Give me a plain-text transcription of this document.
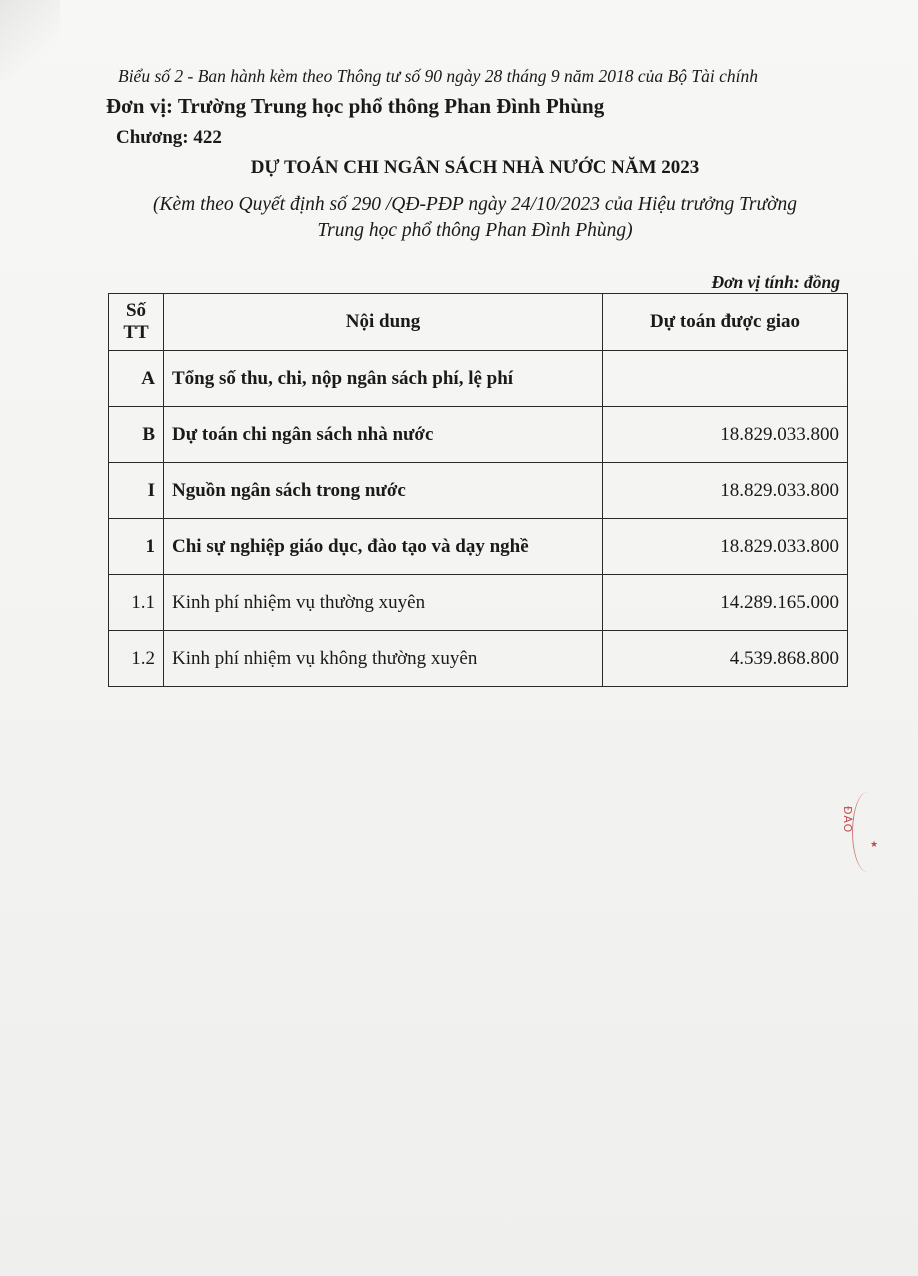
Biểu số 2 - Ban hành kèm theo Thông tư số 90 ngày 28 tháng 9 năm 2018 của Bộ Tài chính
Đơn vị: Trường Trung học phổ thông Phan Đình Phùng
Chương: 422
DỰ TOÁN CHI NGÂN SÁCH NHÀ NƯỚC NĂM 2023
(Kèm theo Quyết định số 290 /QĐ-PĐP ngày 24/10/2023 của Hiệu trưởng Trường
Trung học phổ thông Phan Đình Phùng)
Đơn vị tính: đồng
Số
TT	Nội dung	Dự toán được giao
A	Tổng số thu, chi, nộp ngân sách phí, lệ phí	
B	Dự toán chi ngân sách nhà nước	18.829.033.800
I	Nguồn ngân sách trong nước	18.829.033.800
1	Chi sự nghiệp giáo dục, đào tạo và dạy nghề	18.829.033.800
1.1	Kinh phí nhiệm vụ thường xuyên	14.289.165.000
1.2	Kinh phí nhiệm vụ không thường xuyên	4.539.868.800
ĐÀO
★
